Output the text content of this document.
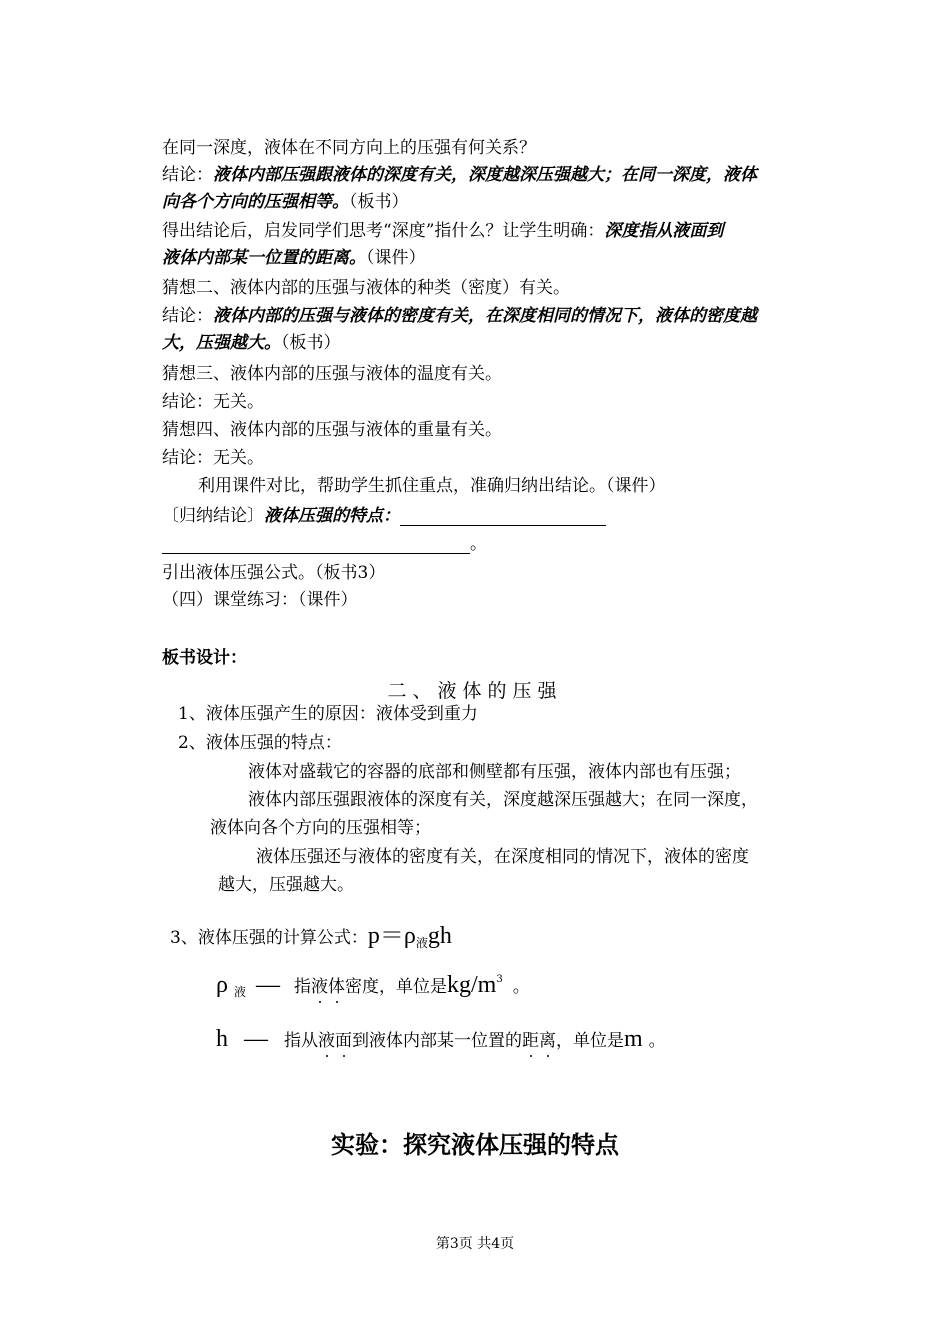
在同一深度，液体在不同方向上的压强有何关系？
结论：液体内部压强跟液体的深度有关，深度越深压强越大；在同一深度，液体
向各个方向的压强相等。（板书）
得出结论后，启发同学们思考“深度”指什么？让学生明确：深度指从液面到
液体内部某一位置的距离。（课件）
猜想二、液体内部的压强与液体的种类（密度）有关。
结论：液体内部的压强与液体的密度有关，在深度相同的情况下，液体的密度越
大，压强越大。（板书）
猜想三、液体内部的压强与液体的温度有关。
结论：无关。
猜想四、液体内部的压强与液体的重量有关。
结论：无关。
利用课件对比，帮助学生抓住重点，准确归纳出结论。（课件）
〔归纳结论〕液体压强的特点：
。
引出液体压强公式。（板书3）
（四）课堂练习：（课件）
板书设计：
二、液体的压强
1、液体压强产生的原因：液体受到重力
2、液体压强的特点：
液体对盛载它的容器的底部和侧壁都有压强，液体内部也有压强；
液体内部压强跟液体的深度有关，深度越深压强越大；在同一深度，
液体向各个方向的压强相等；
液体压强还与液体的密度有关，在深度相同的情况下，液体的密度
越大，压强越大。
3、液体压强的计算公式：$p=\rho_液gh$
ρ $_液$ — 指液体密度，单位是$kg/m^3$ 。
h — 指从液面到液体内部某一位置的距离，单位是m 。
实验：探究液体压强的特点
第3页 共4页
